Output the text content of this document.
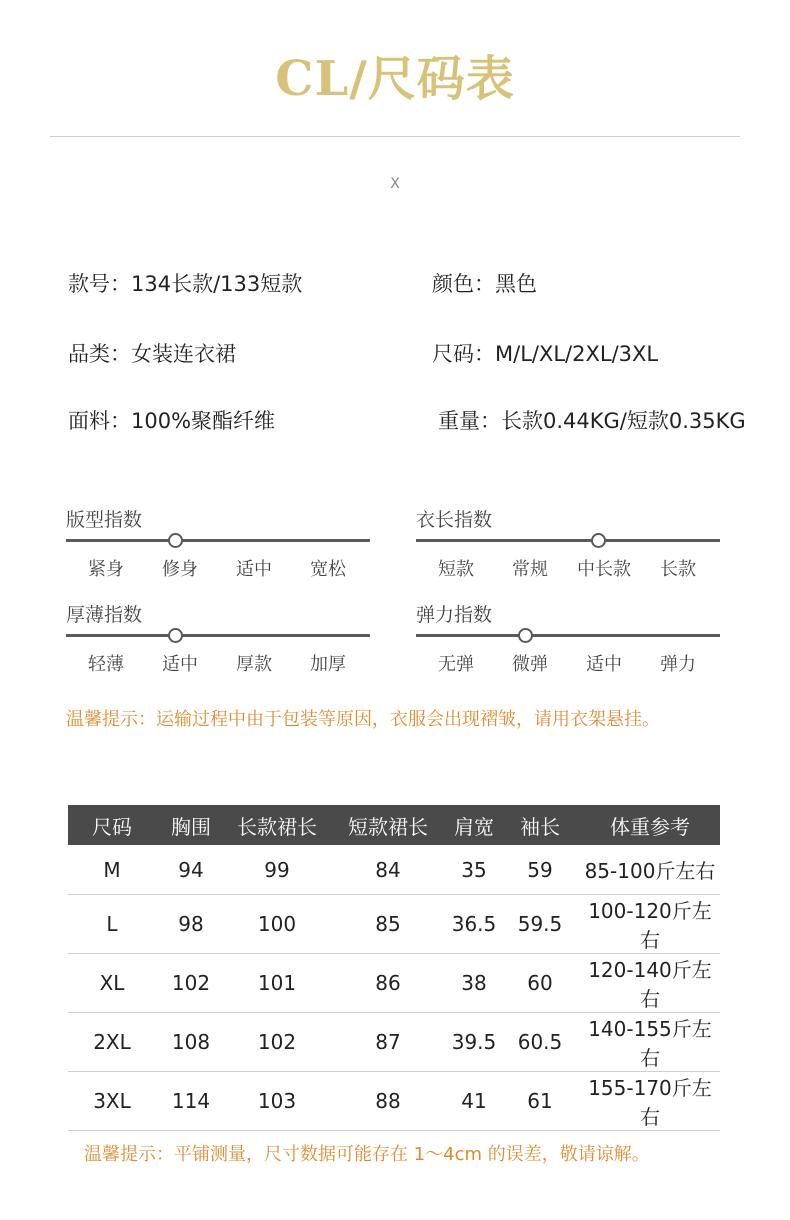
CL/尺码表
X
款号：134长款/133短款	颜色：黑色
品类：女装连衣裙	尺码：M/L/XL/2XL/3XL
面料：100%聚酯纤维	重量：长款0.44KG/短款0.35KG
版型指数
紧身	修身	适中	宽松
衣长指数
短款	常规	中长款	长款
厚薄指数
轻薄	适中	厚款	加厚
弹力指数
无弹	微弹	适中	弹力
温馨提示：运输过程中由于包装等原因，衣服会出现褶皱，请用衣架悬挂。
尺码	胸围	长款裙长	短款裙长	肩宽	袖长	体重参考
M	94	99	84	35	59	85-100斤左右
L	98	100	85	36.5	59.5	100-120斤左右
XL	102	101	86	38	60	120-140斤左右
2XL	108	102	87	39.5	60.5	140-155斤左右
3XL	114	103	88	41	61	155-170斤左右
温馨提示：平铺测量，尺寸数据可能存在 1～4cm 的误差，敬请谅解。
